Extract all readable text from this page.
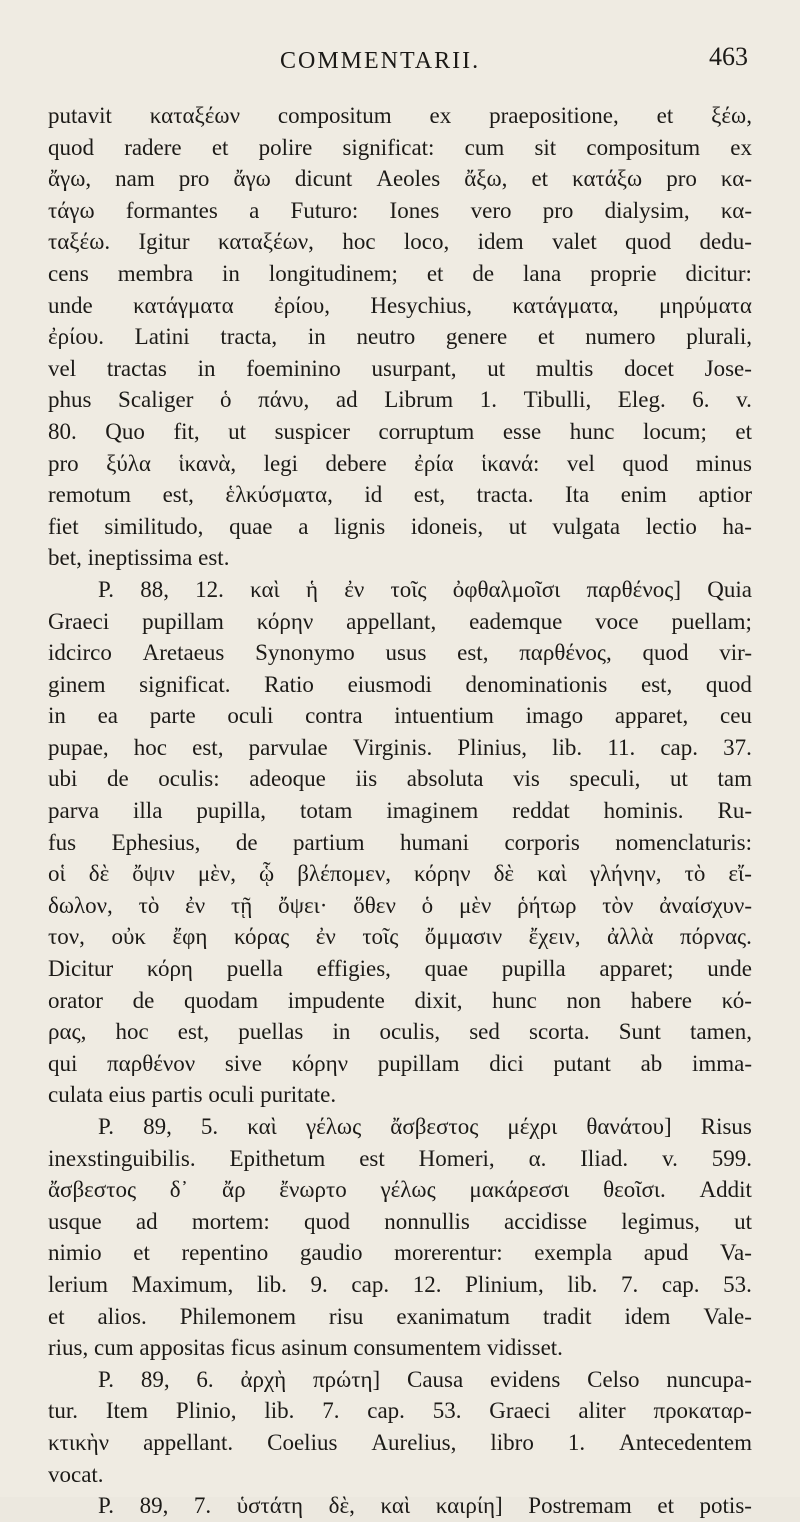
COMMENTARII.	463
putavit καταξέων compositum ex praepositione, et ξέω,
quod radere et polire significat: cum sit compositum ex
ἄγω, nam pro ἄγω dicunt Aeoles ἄξω, et κατάξω pro κα-
τάγω formantes a Futuro: Iones vero pro dialysim, κα-
ταξέω. Igitur καταξέων, hoc loco, idem valet quod dedu-
cens membra in longitudinem; et de lana proprie dicitur:
unde κατάγματα ἐρίου, Hesychius, κατάγματα, μηρύματα
ἐρίου. Latini tracta, in neutro genere et numero plurali,
vel tractas in foeminino usurpant, ut multis docet Jose-
phus Scaliger ὁ πάνυ, ad Librum 1. Tibulli, Eleg. 6. v.
80. Quo fit, ut suspicer corruptum esse hunc locum; et
pro ξύλα ἱκανὰ, legi debere ἐρία ἱκανά: vel quod minus
remotum est, ἑλκύσματα, id est, tracta. Ita enim aptior
fiet similitudo, quae a lignis idoneis, ut vulgata lectio ha-
bet, ineptissima est.
P. 88, 12. καὶ ἡ ἐν τοῖς ὀφθαλμοῖσι παρθένος] Quia
Graeci pupillam κόρην appellant, eademque voce puellam;
idcirco Aretaeus Synonymo usus est, παρθένος, quod vir-
ginem significat. Ratio eiusmodi denominationis est, quod
in ea parte oculi contra intuentium imago apparet, ceu
pupae, hoc est, parvulae Virginis. Plinius, lib. 11. cap. 37.
ubi de oculis: adeoque iis absoluta vis speculi, ut tam
parva illa pupilla, totam imaginem reddat hominis. Ru-
fus Ephesius, de partium humani corporis nomenclaturis:
οἱ δὲ ὄψιν μὲν, ᾧ βλέπομεν, κόρην δὲ καὶ γλήνην, τὸ εἴ-
δωλον, τὸ ἐν τῇ ὄψει· ὅθεν ὁ μὲν ῥήτωρ τὸν ἀναίσχυν-
τον, οὐκ ἔφη κόρας ἐν τοῖς ὄμμασιν ἔχειν, ἀλλὰ πόρνας.
Dicitur κόρη puella effigies, quae pupilla apparet; unde
orator de quodam impudente dixit, hunc non habere κό-
ρας, hoc est, puellas in oculis, sed scorta. Sunt tamen,
qui παρθένον sive κόρην pupillam dici putant ab imma-
culata eius partis oculi puritate.
P. 89, 5. καὶ γέλως ἄσβεστος μέχρι θανάτου] Risus
inexstinguibilis. Epithetum est Homeri, α. Iliad. v. 599.
ἄσβεστος δ᾽ ἄρ ἔνωρτο γέλως μακάρεσσι θεοῖσι. Addit
usque ad mortem: quod nonnullis accidisse legimus, ut
nimio et repentino gaudio morerentur: exempla apud Va-
lerium Maximum, lib. 9. cap. 12. Plinium, lib. 7. cap. 53.
et alios. Philemonem risu exanimatum tradit idem Vale-
rius, cum appositas ficus asinum consumentem vidisset.
P. 89, 6. ἀρχὴ πρώτη] Causa evidens Celso nuncupa-
tur. Item Plinio, lib. 7. cap. 53. Graeci aliter προκαταρ-
κτικὴν appellant. Coelius Aurelius, libro 1. Antecedentem
vocat.
P. 89, 7. ὑστάτη δὲ, καὶ καιρίη] Postremam et potis-
